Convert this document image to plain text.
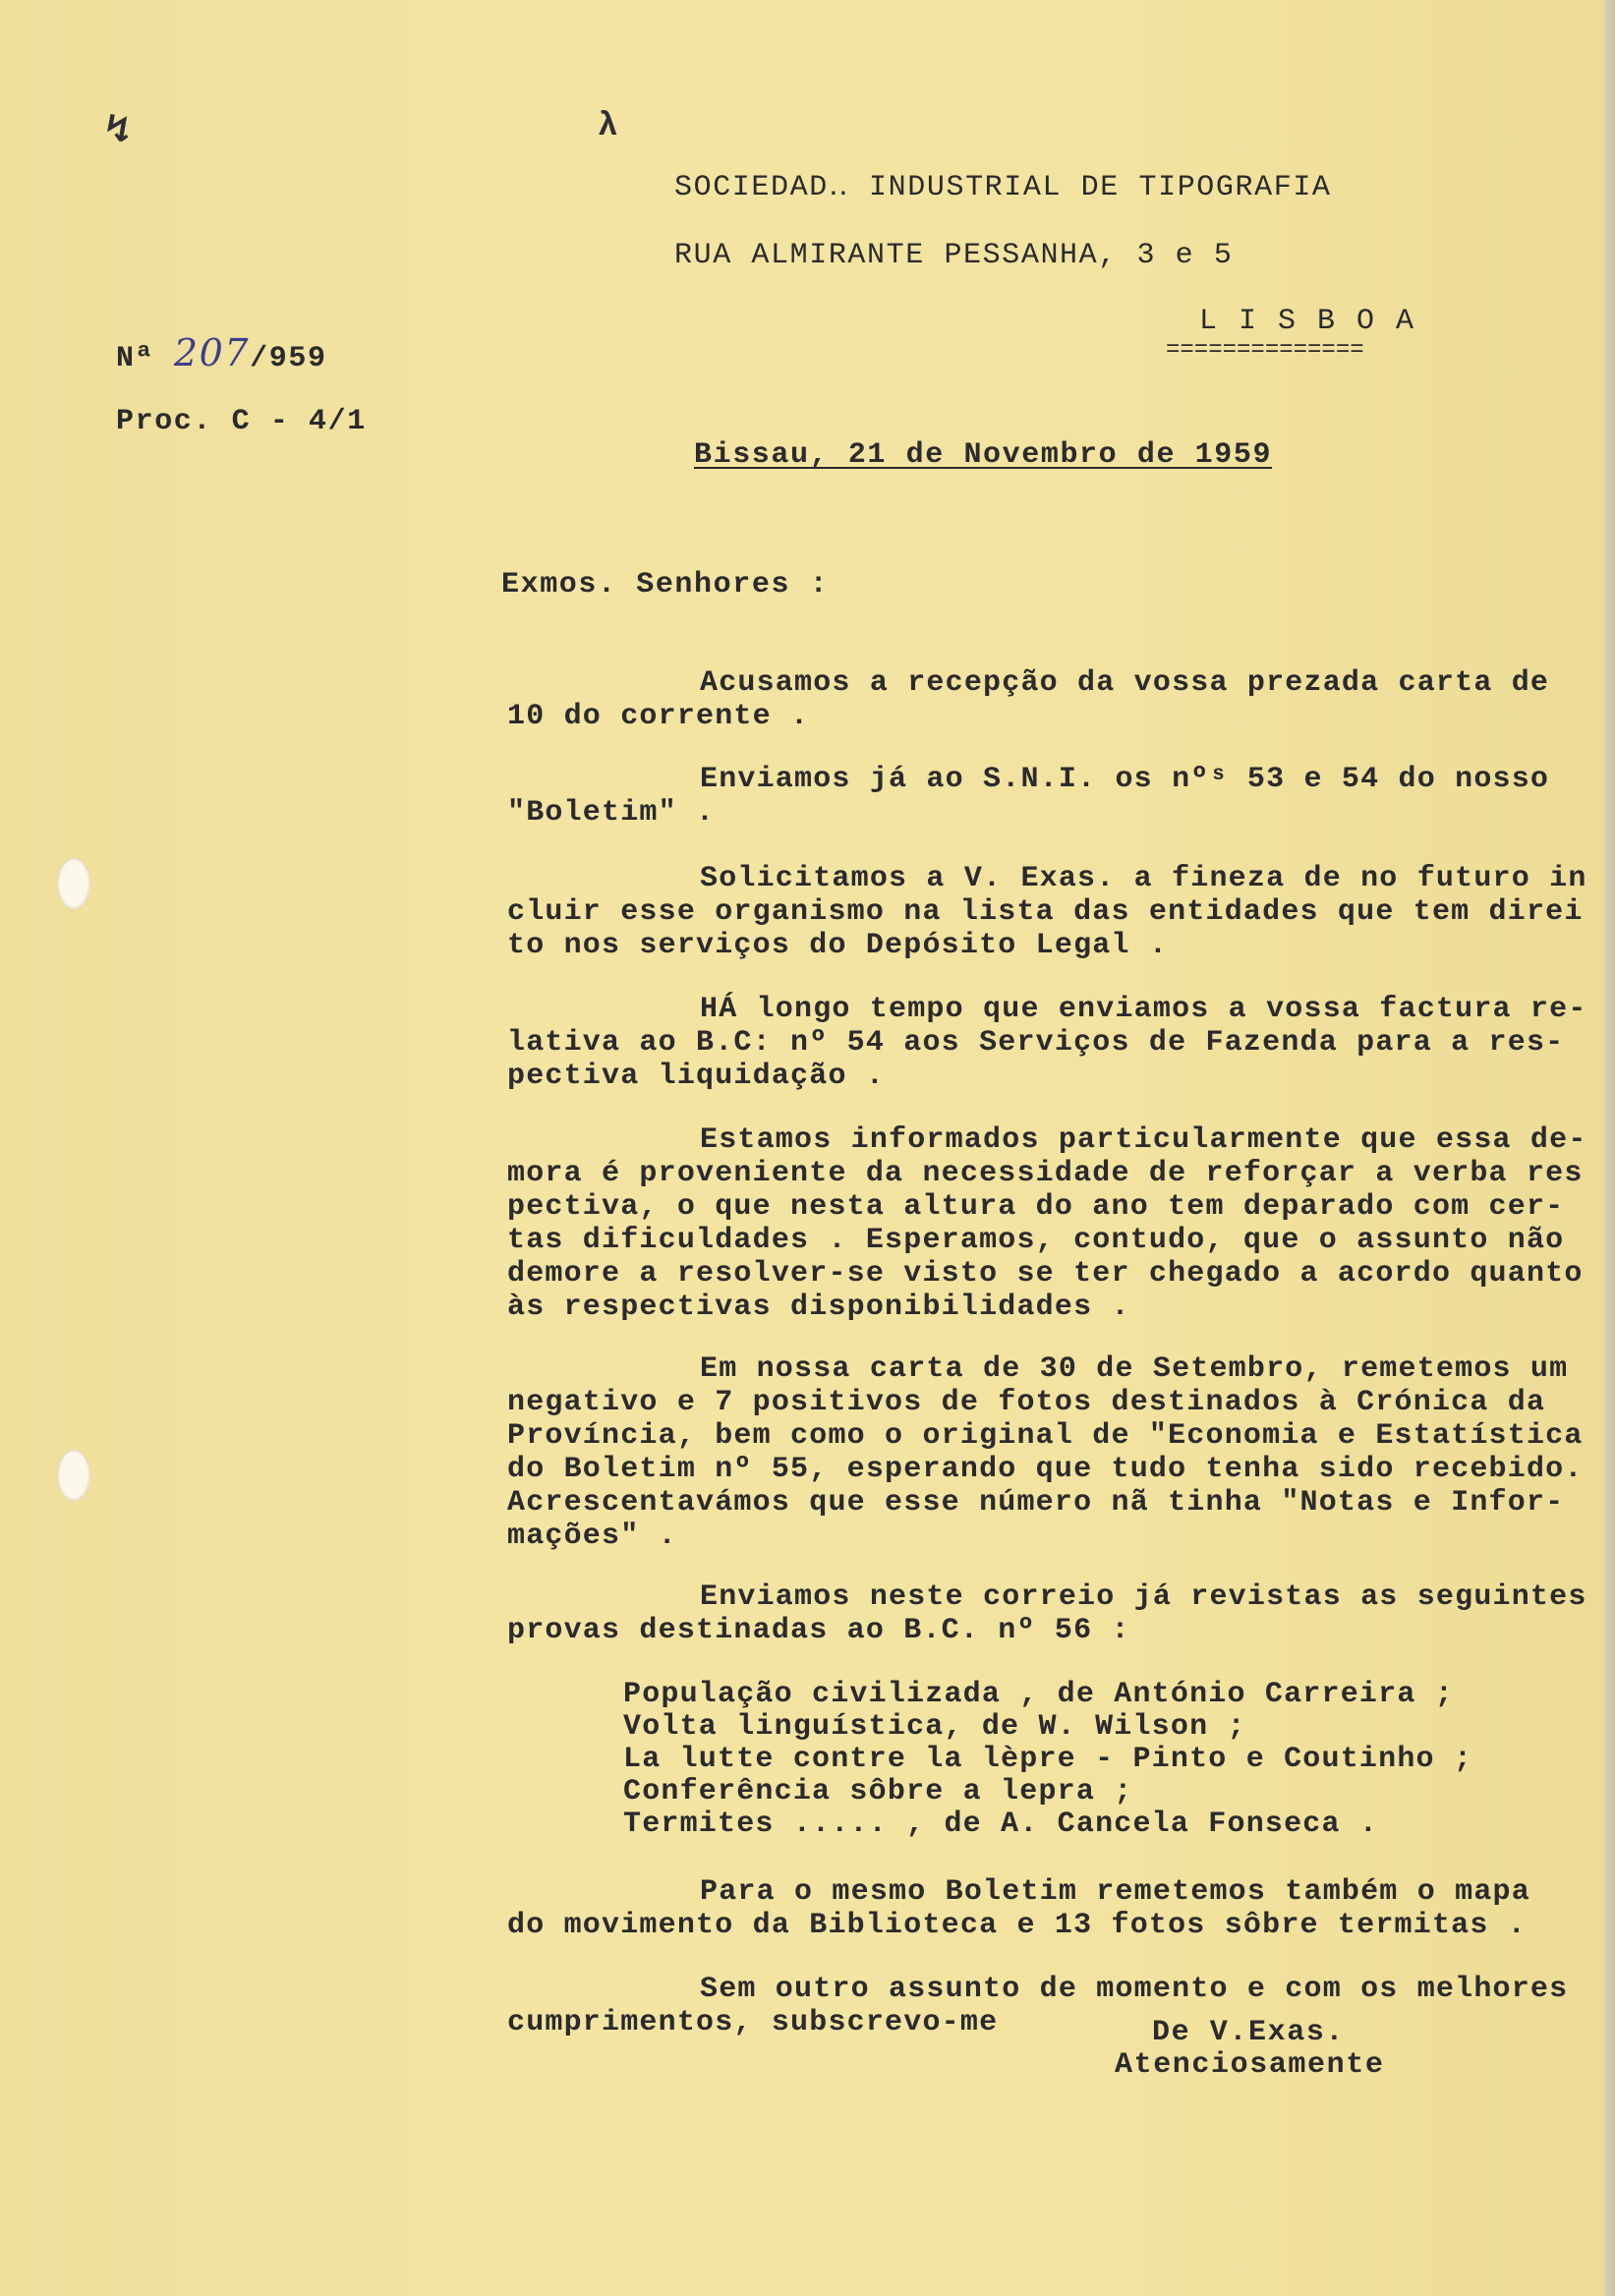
↯	λ
SOCIEDAD‥ INDUSTRIAL DE TIPOGRAFIA
RUA ALMIRANTE PESSANHA, 3 e 5
L I S B O A
==============
Nª 207/959
Proc. C - 4/1
Bissau, 21 de Novembro de 1959
Exmos. Senhores :

Acusamos a recepção da vossa prezada carta de

10 do corrente .

Enviamos já ao S.N.I. os nºˢ 53 e 54 do nosso

"Boletim" .

Solicitamos a V. Exas. a fineza de no futuro in

cluir esse organismo na lista das entidades que tem direi

to nos serviços do Depósito Legal .

HÁ longo tempo que enviamos a vossa factura re-

lativa ao B.C: nº 54 aos Serviços de Fazenda para a res-

pectiva liquidação .

Estamos informados particularmente que essa de-

mora é proveniente da necessidade de reforçar a verba res

pectiva, o que nesta altura do ano tem deparado com cer-

tas dificuldades . Esperamos, contudo, que o assunto não

demore a resolver-se visto se ter chegado a acordo quanto

às respectivas disponibilidades .

Em nossa carta de 30 de Setembro, remetemos um

negativo e 7 positivos de fotos destinados à Crónica da

Província, bem como o original de "Economia e Estatística

do Boletim nº 55, esperando que tudo tenha sido recebido.

Acrescentavámos que esse número nã tinha "Notas e Infor-

mações" .

Enviamos neste correio já revistas as seguintes

provas destinadas ao B.C. nº 56 :

População civilizada , de António Carreira ;

Volta linguística, de W. Wilson ;

La lutte contre la lèpre - Pinto e Coutinho ;

Conferência sôbre a lepra ;

Termites ..... , de A. Cancela Fonseca .

Para o mesmo Boletim remetemos também o mapa

do movimento da Biblioteca e 13 fotos sôbre termitas .

Sem outro assunto de momento e com os melhores

cumprimentos, subscrevo-me	De V.Exas.
Atenciosamente
